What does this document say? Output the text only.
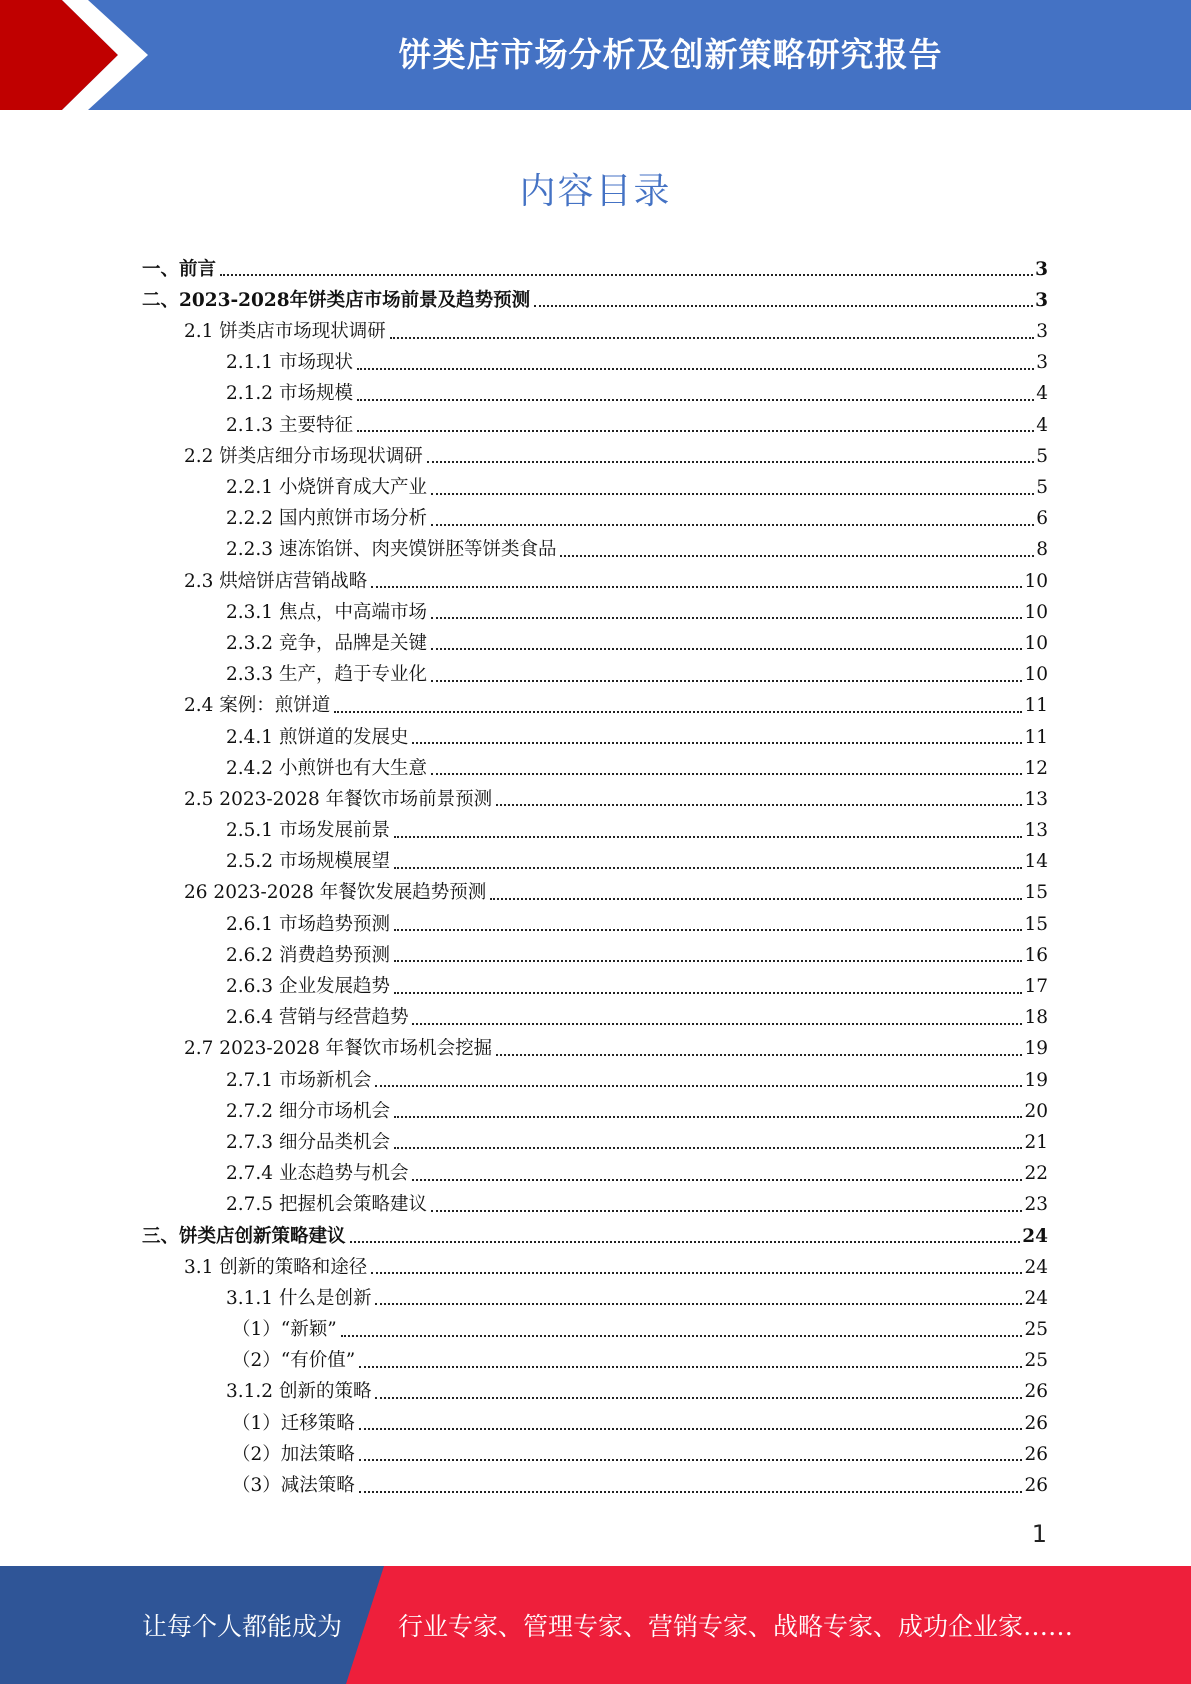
饼类店市场分析及创新策略研究报告
内容目录
一、前言	3
二、2023-2028年饼类店市场前景及趋势预测	3
2.1 饼类店市场现状调研	3
2.1.1 市场现状	3
2.1.2 市场规模	4
2.1.3 主要特征	4
2.2 饼类店细分市场现状调研	5
2.2.1 小烧饼育成大产业	5
2.2.2 国内煎饼市场分析	6
2.2.3 速冻馅饼、肉夹馍饼胚等饼类食品	8
2.3 烘焙饼店营销战略	10
2.3.1 焦点，中高端市场	10
2.3.2 竞争，品牌是关键	10
2.3.3 生产，趋于专业化	10
2.4 案例：煎饼道	11
2.4.1 煎饼道的发展史	11
2.4.2 小煎饼也有大生意	12
2.5 2023-2028 年餐饮市场前景预测	13
2.5.1 市场发展前景	13
2.5.2 市场规模展望	14
26 2023-2028 年餐饮发展趋势预测	15
2.6.1 市场趋势预测	15
2.6.2 消费趋势预测	16
2.6.3 企业发展趋势	17
2.6.4 营销与经营趋势	18
2.7 2023-2028 年餐饮市场机会挖掘	19
2.7.1 市场新机会	19
2.7.2 细分市场机会	20
2.7.3 细分品类机会	21
2.7.4 业态趋势与机会	22
2.7.5 把握机会策略建议	23
三、饼类店创新策略建议	24
3.1 创新的策略和途径	24
3.1.1 什么是创新	24
（1）“新颖”	25
（2）“有价值”	25
3.1.2 创新的策略	26
（1）迁移策略	26
（2）加法策略	26
（3）减法策略	26
1
让每个人都能成为 行业专家、管理专家、营销专家、战略专家、成功企业家……
